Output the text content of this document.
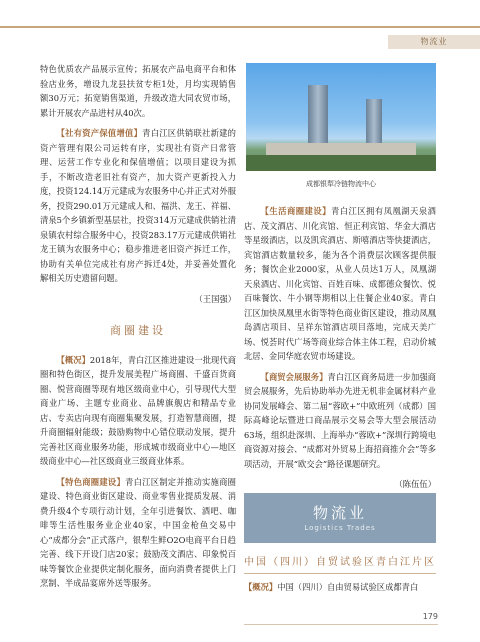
物流业

特色优质农产品展示宣传；拓展农产品电商平台和体验店业务，增设九龙县扶贫专柜1处，月均实现销售额30万元；拓宽销售渠道，升级改造大同农贸市场，累计开展农产品进村从40次。

【社有资产保值增值】青白江区供销联社新建的资产管理有限公司运转有序，实现社有资产日常管理、运营工作专业化和保值增值；以项目建设为抓手，不断改造老旧社有资产，加大资产更新投入力度，投资124.14万元建成为农服务中心并正式对外服务，投资290.01万元建成人和、福洪、龙王、祥福、清泉5个乡镇新型基层社，投资314万元建成供销社清泉镇农村综合服务中心，投资283.17万元建成供销社龙王镇为农服务中心；稳步推进老旧资产拆迁工作，协助有关单位完成社有房产拆迁4处，并妥善处置化解相关历史遗留问题。

（王国强）
商圈建设

【概况】2018年，青白江区推进建设一批现代商圈和特色街区，提升发展美程广场商圈、千盛百货商圈、悦营商圈等现有地区级商业中心，引导现代大型商业广场、主题专业商业、品牌旗舰店和精品专业店、专卖店向现有商圈集聚发展，打造智慧商圈，提升商圈辐射能级；鼓励购物中心错位联动发展，提升完善社区商业服务功能，形成城市级商业中心—地区级商业中心—社区级商业三级商业体系。

【特色商圈建设】青白江区制定并推动实施商圈建设、特色商业街区建设、商业零售业提质发展、消费升级4个专项行动计划，全年引进餐饮、酒吧、咖啡等生活性服务业企业40家，中国金枪鱼交易中心“成都分会”正式落户，银犁生鲜O2O电商平台日趋完善、线下开设门店20家；鼓励茂文酒店、印象悦百味等餐饮企业提供定制化服务，面向消费者提供上门烹制、半成品宴席外送等服务。

成都银犁冷链物流中心

【生活商圈建设】青白江区拥有凤凰湖天泉酒店、茂文酒店、川化宾馆、恒正利宾馆、华金大酒店等星级酒店，以及凯宾酒店、斯嘻酒店等快捷酒店，宾馆酒店数量较多，能为各个消费层次顾客提供服务；餐饮企业2000家，从业人员达1万人，凤凰湖天泉酒店、川化宾馆、百姓百味、成都德众餐饮、悦百味餐饮、牛小钢等期相以上住餐企业40家。青白江区加快凤凰里水街等特色商业街区建设，推动凤凰岛酒店项目、呈祥东馆酒店项目落地，完成天美广场、悦荟时代广场等商业综合体主体工程，启动价城北居、金同华庭农贸市场建设。

【商贸会展服务】青白江区商务局进一步加强商贸会展服务，先后协助举办先进无机非金属材料产业协同发展峰会、第二届“蓉欧+”中欧班列（成都）国际高峰论坛暨进口商品展示交易会等大型会展活动63场，组织赴深圳、上海举办“蓉欧+”深圳行跨境电商资源对接会、“成都对外贸易上海招商推介会”等多项活动，开展“欧交会”路径课题研究。

（陈伍伍）
物流业
Logistics Trades
中国（四川）自贸试验区青白江片区
【概况】中国（四川）自由贸易试验区成都青白
179
